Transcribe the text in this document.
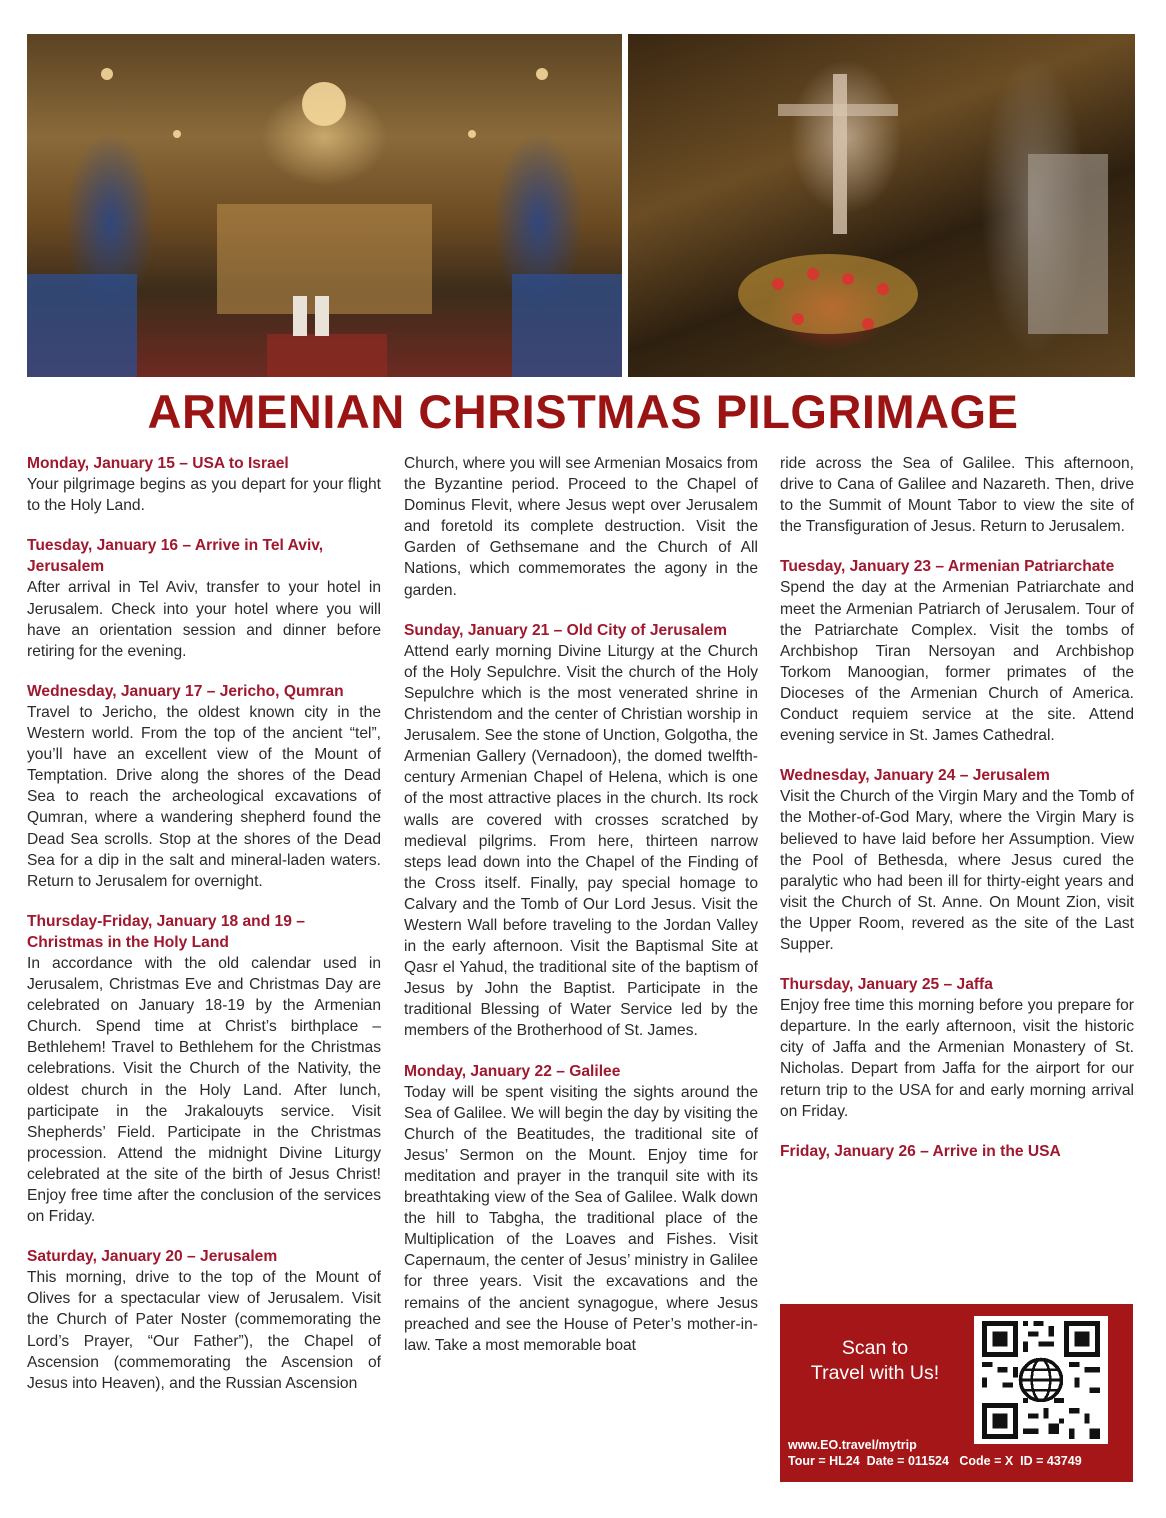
ARMENIAN CHRISTMAS PILGRIMAGE

Monday, January 15 – USA to Israel
Your pilgrimage begins as you depart for your flight to the Holy Land.

Tuesday, January 16 – Arrive in Tel Aviv, Jerusalem
After arrival in Tel Aviv, transfer to your hotel in Jerusalem. Check into your hotel where you will have an orientation session and dinner before retiring for the evening.

Wednesday, January 17 – Jericho, Qumran
Travel to Jericho, the oldest known city in the Western world. From the top of the ancient “tel”, you’ll have an excellent view of the Mount of Temptation. Drive along the shores of the Dead Sea to reach the archeological excavations of Qumran, where a wandering shepherd found the Dead Sea scrolls. Stop at the shores of the Dead Sea for a dip in the salt and mineral-laden waters. Return to Jerusalem for overnight.

Thursday-Friday, January 18 and 19 – Christmas in the Holy Land
In accordance with the old calendar used in Jerusalem, Christmas Eve and Christmas Day are celebrated on January 18-19 by the Armenian Church. Spend time at Christ’s birthplace – Bethlehem! Travel to Bethlehem for the Christmas celebrations. Visit the Church of the Nativity, the oldest church in the Holy Land. After lunch, participate in the Jrakalouyts service. Visit Shepherds’ Field. Participate in the Christmas procession. Attend the midnight Divine Liturgy celebrated at the site of the birth of Jesus Christ! Enjoy free time after the conclusion of the services on Friday.

Saturday, January 20 – Jerusalem
This morning, drive to the top of the Mount of Olives for a spectacular view of Jerusalem. Visit the Church of Pater Noster (commemorating the Lord’s Prayer, “Our Father”), the Chapel of Ascension (commemorating the Ascension of Jesus into Heaven), and the Russian Ascension

Church, where you will see Armenian Mosaics from the Byzantine period. Proceed to the Chapel of Dominus Flevit, where Jesus wept over Jerusalem and foretold its complete destruction. Visit the Garden of Gethsemane and the Church of All Nations, which commemorates the agony in the garden.

Sunday, January 21 – Old City of Jerusalem
Attend early morning Divine Liturgy at the Church of the Holy Sepulchre. Visit the church of the Holy Sepulchre which is the most venerated shrine in Christendom and the center of Christian worship in Jerusalem. See the stone of Unction, Golgotha, the Armenian Gallery (Vernadoon), the domed twelfth-century Armenian Chapel of Helena, which is one of the most attractive places in the church. Its rock walls are covered with crosses scratched by medieval pilgrims. From here, thirteen narrow steps lead down into the Chapel of the Finding of the Cross itself. Finally, pay special homage to Calvary and the Tomb of Our Lord Jesus. Visit the Western Wall before traveling to the Jordan Valley in the early afternoon. Visit the Baptismal Site at Qasr el Yahud, the traditional site of the baptism of Jesus by John the Baptist. Participate in the traditional Blessing of Water Service led by the members of the Brotherhood of St. James.

Monday, January 22 – Galilee
Today will be spent visiting the sights around the Sea of Galilee. We will begin the day by visiting the Church of the Beatitudes, the traditional site of Jesus’ Sermon on the Mount. Enjoy time for meditation and prayer in the tranquil site with its breathtaking view of the Sea of Galilee. Walk down the hill to Tabgha, the traditional place of the Multiplication of the Loaves and Fishes. Visit Capernaum, the center of Jesus’ ministry in Galilee for three years. Visit the excavations and the remains of the ancient synagogue, where Jesus preached and see the House of Peter’s mother-in-law. Take a most memorable boat

ride across the Sea of Galilee. This afternoon, drive to Cana of Galilee and Nazareth. Then, drive to the Summit of Mount Tabor to view the site of the Transfiguration of Jesus. Return to Jerusalem.

Tuesday, January 23 – Armenian Patriarchate
Spend the day at the Armenian Patriarchate and meet the Armenian Patriarch of Jerusalem. Tour of the Patriarchate Complex. Visit the tombs of Archbishop Tiran Nersoyan and Archbishop Torkom Manoogian, former primates of the Dioceses of the Armenian Church of America. Conduct requiem service at the site. Attend evening service in St. James Cathedral.

Wednesday, January 24 – Jerusalem
Visit the Church of the Virgin Mary and the Tomb of the Mother-of-God Mary, where the Virgin Mary is believed to have laid before her Assumption. View the Pool of Bethesda, where Jesus cured the paralytic who had been ill for thirty-eight years and visit the Church of St. Anne. On Mount Zion, visit the Upper Room, revered as the site of the Last Supper.

Thursday, January 25 – Jaffa
Enjoy free time this morning before you prepare for departure. In the early afternoon, visit the historic city of Jaffa and the Armenian Monastery of St. Nicholas. Depart from Jaffa for the airport for our return trip to the USA for and early morning arrival on Friday.

Friday, January 26 – Arrive in the USA

Scan to
Travel with Us!
www.EO.travel/mytrip
Tour = HL24  Date = 011524   Code = X  ID = 43749
